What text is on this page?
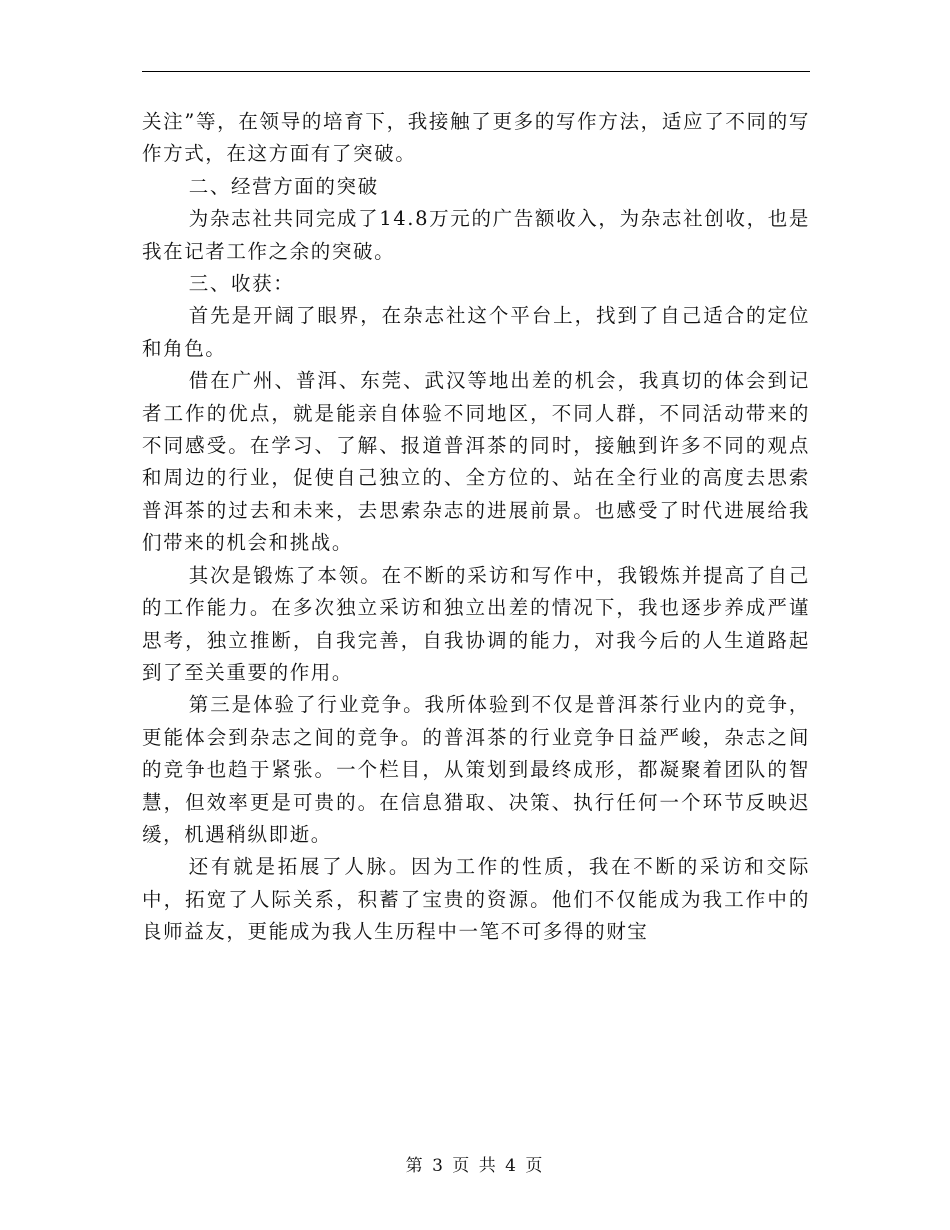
关注”等，在领导的培育下，我接触了更多的写作方法，适应了不同的写作方式，在这方面有了突破。

二、经营方面的突破

为杂志社共同完成了14.8万元的广告额收入，为杂志社创收，也是我在记者工作之余的突破。

三、收获：

首先是开阔了眼界，在杂志社这个平台上，找到了自己适合的定位和角色。

借在广州、普洱、东莞、武汉等地出差的机会，我真切的体会到记者工作的优点，就是能亲自体验不同地区，不同人群，不同活动带来的不同感受。在学习、了解、报道普洱茶的同时，接触到许多不同的观点和周边的行业，促使自己独立的、全方位的、站在全行业的高度去思索普洱茶的过去和未来，去思索杂志的进展前景。也感受了时代进展给我们带来的机会和挑战。

其次是锻炼了本领。在不断的采访和写作中，我锻炼并提高了自己的工作能力。在多次独立采访和独立出差的情况下，我也逐步养成严谨思考，独立推断，自我完善，自我协调的能力，对我今后的人生道路起到了至关重要的作用。

第三是体验了行业竞争。我所体验到不仅是普洱茶行业内的竞争，更能体会到杂志之间的竞争。的普洱茶的行业竞争日益严峻，杂志之间的竞争也趋于紧张。一个栏目，从策划到最终成形，都凝聚着团队的智慧，但效率更是可贵的。在信息猎取、决策、执行任何一个环节反映迟缓，机遇稍纵即逝。

还有就是拓展了人脉。因为工作的性质，我在不断的采访和交际中，拓宽了人际关系，积蓄了宝贵的资源。他们不仅能成为我工作中的良师益友，更能成为我人生历程中一笔不可多得的财宝

第 3 页 共 4 页
